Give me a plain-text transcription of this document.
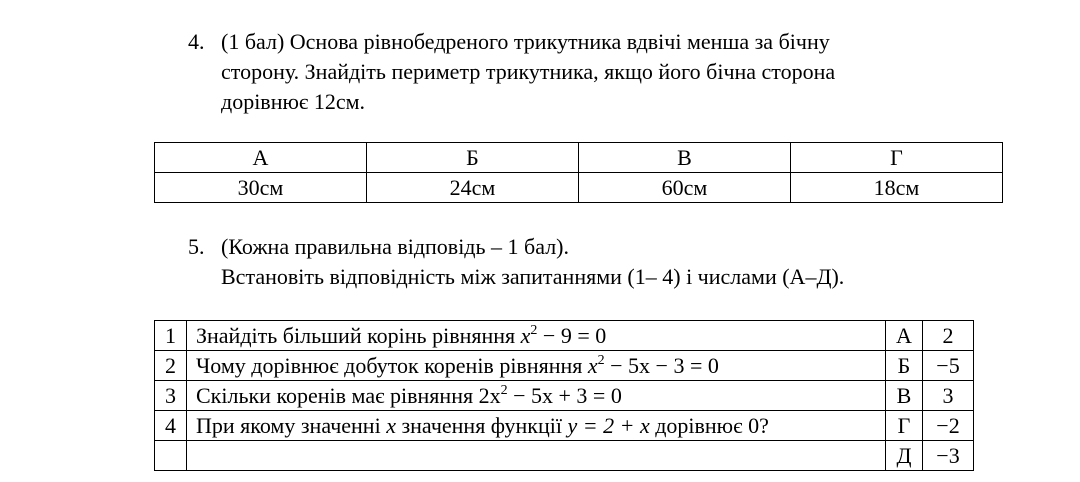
4. (1 бал) Основа рівнобедреного трикутника вдвічі менша за бічну
сторону. Знайдіть периметр трикутника, якщо його бічна сторона
дорівнює 12см.
А	Б	В	Г
30см	24см	60см	18см
5. (Кожна правильна відповідь – 1 бал).
Встановіть відповідність між запитаннями (1– 4) і числами (А–Д).
1	Знайдіть більший корінь рівняння $x^2 - 9 = 0$	А	2
2	Чому дорівнює добуток коренів рівняння $x^2 - 5x - 3 = 0$	Б	−5
3	Скільки коренів має рівняння $2x^2 - 5x + 3 = 0$	В	3
4	При якому значенні x значення функції y = 2 + x дорівнює 0?	Г	−2
		Д	−3
